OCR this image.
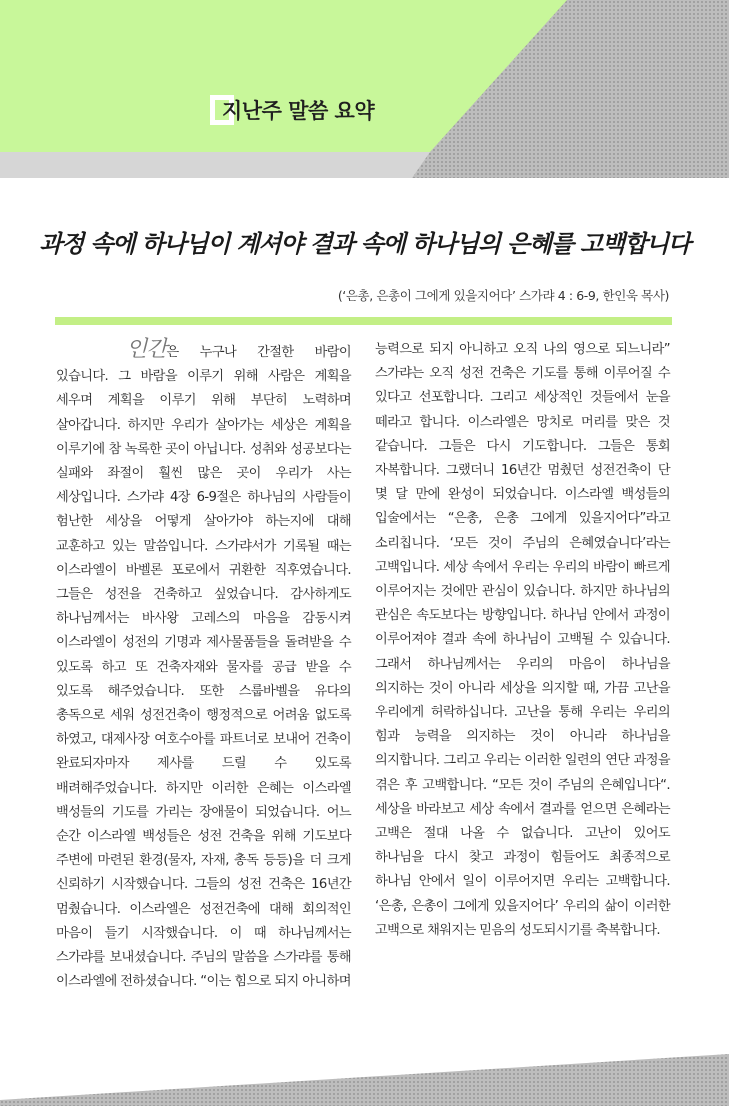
지난주 말씀 요약
과정 속에 하나님이 계셔야 결과 속에 하나님의 은혜를 고백합니다
(‘은총, 은총이 그에게 있을지어다’ 스가랴 4 : 6-9, 한인욱 목사)
인간은 누구나 간절한 바람이 있습니다. 그 바람을 이루기 위해 사람은 계획을 세우며 계획을 이루기 위해 부단히 노력하며 살아갑니다. 하지만 우리가 살아가는 세상은 계획을 이루기에 참 녹록한 곳이 아닙니다. 성취와 성공보다는 실패와 좌절이 훨씬 많은 곳이 우리가 사는 세상입니다. 스가랴 4장 6-9절은 하나님의 사람들이 험난한 세상을 어떻게 살아가야 하는지에 대해 교훈하고 있는 말씀입니다. 스가랴서가 기록될 때는 이스라엘이 바벨론 포로에서 귀환한 직후였습니다. 그들은 성전을 건축하고 싶었습니다. 감사하게도 하나님께서는 바사왕 고레스의 마음을 감동시켜 이스라엘이 성전의 기명과 제사물품들을 돌려받을 수 있도록 하고 또 건축자재와 물자를 공급 받을 수 있도록 해주었습니다. 또한 스룹바벨을 유다의 총독으로 세워 성전건축이 행정적으로 어려움 없도록 하였고, 대제사장 여호수아를 파트너로 보내어 건축이 완료되자마자 제사를 드릴 수 있도록 배려해주었습니다. 하지만 이러한 은혜는 이스라엘 백성들의 기도를 가리는 장애물이 되었습니다. 어느 순간 이스라엘 백성들은 성전 건축을 위해 기도보다 주변에 마련된 환경(물자, 자재, 총독 등등)을 더 크게 신뢰하기 시작했습니다. 그들의 성전 건축은 16년간 멈췄습니다. 이스라엘은 성전건축에 대해 회의적인 마음이 들기 시작했습니다. 이 때 하나님께서는 스가랴를 보내셨습니다. 주님의 말씀을 스가랴를 통해 이스라엘에 전하셨습니다. “이는 힘으로 되지 아니하며
능력으로 되지 아니하고 오직 나의 영으로 되느니라” 스가랴는 오직 성전 건축은 기도를 통해 이루어질 수 있다고 선포합니다. 그리고 세상적인 것들에서 눈을 떼라고 합니다. 이스라엘은 망치로 머리를 맞은 것 같습니다. 그들은 다시 기도합니다. 그들은 통회 자복합니다. 그랬더니 16년간 멈췄던 성전건축이 단 몇 달 만에 완성이 되었습니다. 이스라엘 백성들의 입술에서는 “은총, 은총 그에게 있을지어다”라고 소리칩니다. ‘모든 것이 주님의 은혜였습니다’라는 고백입니다. 세상 속에서 우리는 우리의 바람이 빠르게 이루어지는 것에만 관심이 있습니다. 하지만 하나님의 관심은 속도보다는 방향입니다. 하나님 안에서 과정이 이루어져야 결과 속에 하나님이 고백될 수 있습니다. 그래서 하나님께서는 우리의 마음이 하나님을 의지하는 것이 아니라 세상을 의지할 때, 가끔 고난을 우리에게 허락하십니다. 고난을 통해 우리는 우리의 힘과 능력을 의지하는 것이 아니라 하나님을 의지합니다. 그리고 우리는 이러한 일련의 연단 과정을 겪은 후 고백합니다. “모든 것이 주님의 은혜입니다“. 세상을 바라보고 세상 속에서 결과를 얻으면 은혜라는 고백은 절대 나올 수 없습니다. 고난이 있어도 하나님을 다시 찾고 과정이 힘들어도 최종적으로 하나님 안에서 일이 이루어지면 우리는 고백합니다. ‘은총, 은총이 그에게 있을지어다’ 우리의 삶이 이러한 고백으로 채워지는 믿음의 성도되시기를 축복합니다.
